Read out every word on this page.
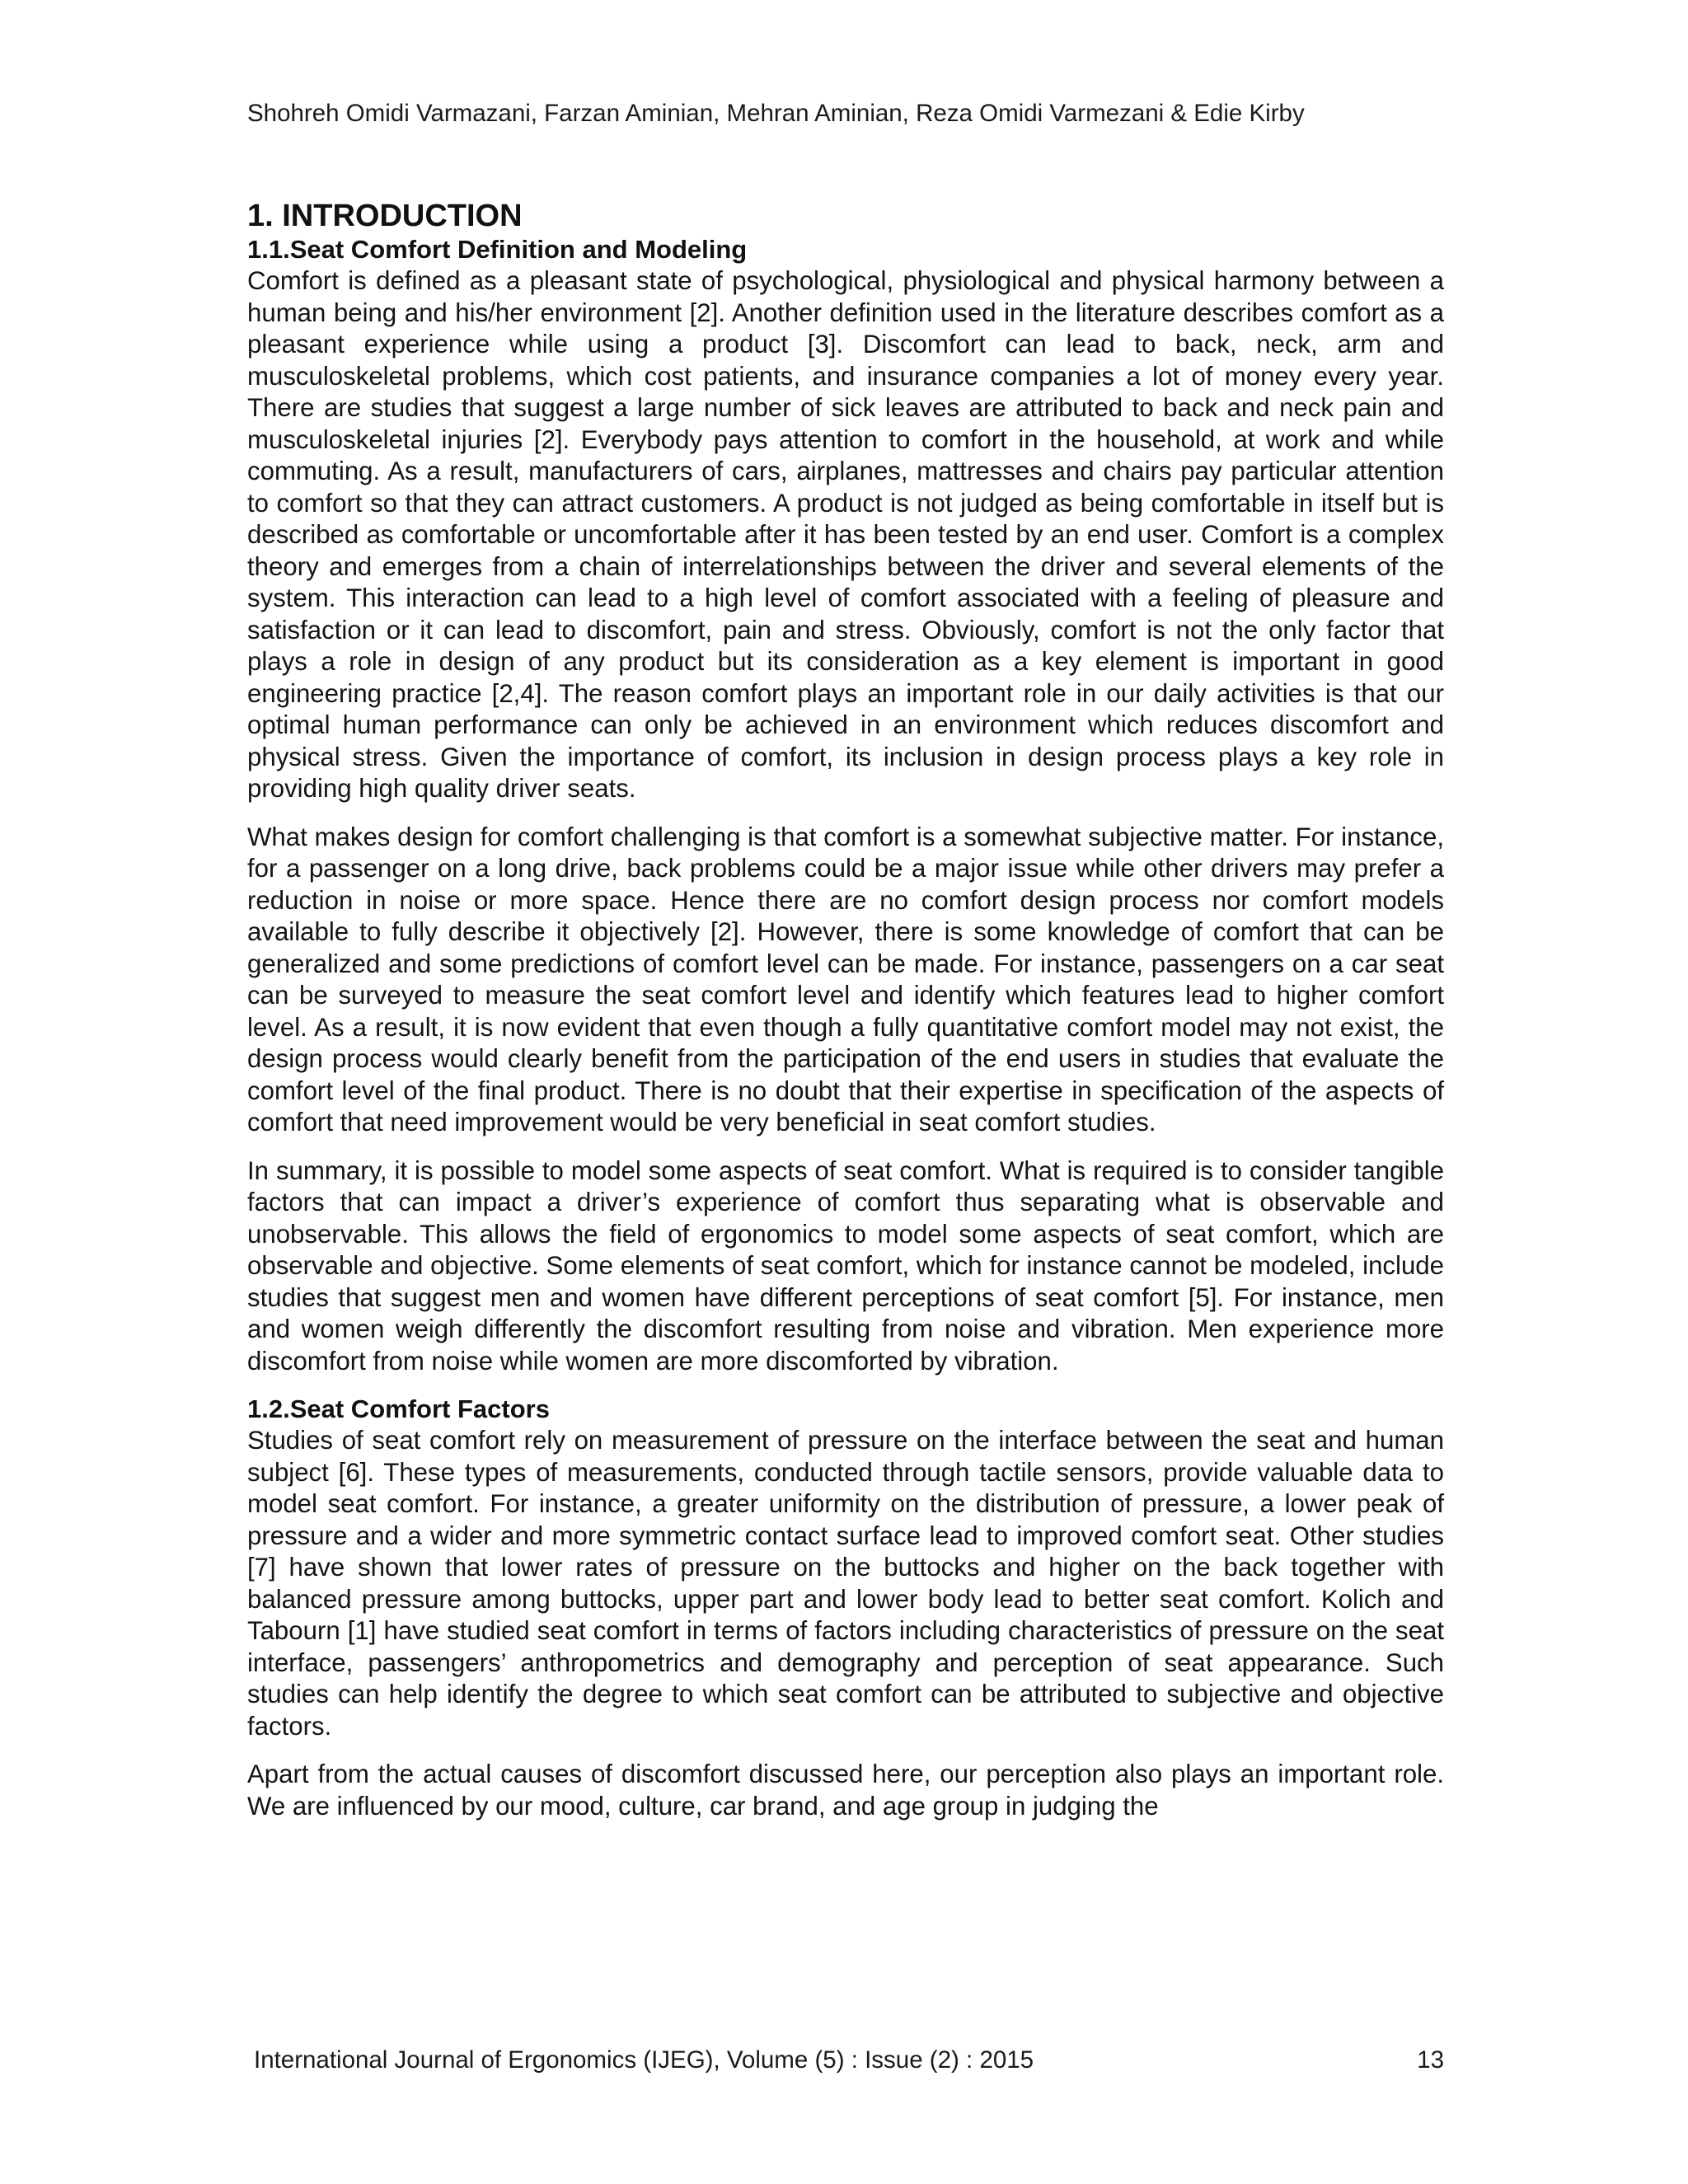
Shohreh Omidi Varmazani, Farzan Aminian, Mehran Aminian, Reza Omidi Varmezani & Edie Kirby
1. INTRODUCTION
1.1.Seat Comfort Definition and Modeling

Comfort is defined as a pleasant state of psychological, physiological and physical harmony between a human being and his/her environment [2]. Another definition used in the literature describes comfort as a pleasant experience while using a product [3]. Discomfort can lead to back, neck, arm and musculoskeletal problems, which cost patients, and insurance companies a lot of money every year. There are studies that suggest a large number of sick leaves are attributed to back and neck pain and musculoskeletal injuries [2]. Everybody pays attention to comfort in the household, at work and while commuting. As a result, manufacturers of cars, airplanes, mattresses and chairs pay particular attention to comfort so that they can attract customers. A product is not judged as being comfortable in itself but is described as comfortable or uncomfortable after it has been tested by an end user. Comfort is a complex theory and emerges from a chain of interrelationships between the driver and several elements of the system. This interaction can lead to a high level of comfort associated with a feeling of pleasure and satisfaction or it can lead to discomfort, pain and stress. Obviously, comfort is not the only factor that plays a role in design of any product but its consideration as a key element is important in good engineering practice [2,4]. The reason comfort plays an important role in our daily activities is that our optimal human performance can only be achieved in an environment which reduces discomfort and physical stress. Given the importance of comfort, its inclusion in design process plays a key role in providing high quality driver seats.

What makes design for comfort challenging is that comfort is a somewhat subjective matter. For instance, for a passenger on a long drive, back problems could be a major issue while other drivers may prefer a reduction in noise or more space. Hence there are no comfort design process nor comfort models available to fully describe it objectively [2]. However, there is some knowledge of comfort that can be generalized and some predictions of comfort level can be made. For instance, passengers on a car seat can be surveyed to measure the seat comfort level and identify which features lead to higher comfort level. As a result, it is now evident that even though a fully quantitative comfort model may not exist, the design process would clearly benefit from the participation of the end users in studies that evaluate the comfort level of the final product. There is no doubt that their expertise in specification of the aspects of comfort that need improvement would be very beneficial in seat comfort studies.

In summary, it is possible to model some aspects of seat comfort. What is required is to consider tangible factors that can impact a driver’s experience of comfort thus separating what is observable and unobservable. This allows the field of ergonomics to model some aspects of seat comfort, which are observable and objective. Some elements of seat comfort, which for instance cannot be modeled, include studies that suggest men and women have different perceptions of seat comfort [5]. For instance, men and women weigh differently the discomfort resulting from noise and vibration. Men experience more discomfort from noise while women are more discomforted by vibration.

1.2.Seat Comfort Factors

Studies of seat comfort rely on measurement of pressure on the interface between the seat and human subject [6]. These types of measurements, conducted through tactile sensors, provide valuable data to model seat comfort. For instance, a greater uniformity on the distribution of pressure, a lower peak of pressure and a wider and more symmetric contact surface lead to improved comfort seat. Other studies [7] have shown that lower rates of pressure on the buttocks and higher on the back together with balanced pressure among buttocks, upper part and lower body lead to better seat comfort. Kolich and Tabourn [1] have studied seat comfort in terms of factors including characteristics of pressure on the seat interface, passengers’ anthropometrics and demography and perception of seat appearance. Such studies can help identify the degree to which seat comfort can be attributed to subjective and objective factors.

Apart from the actual causes of discomfort discussed here, our perception also plays an important role. We are influenced by our mood, culture, car brand, and age group in judging the

International Journal of Ergonomics (IJEG), Volume (5) : Issue (2) : 2015	13
